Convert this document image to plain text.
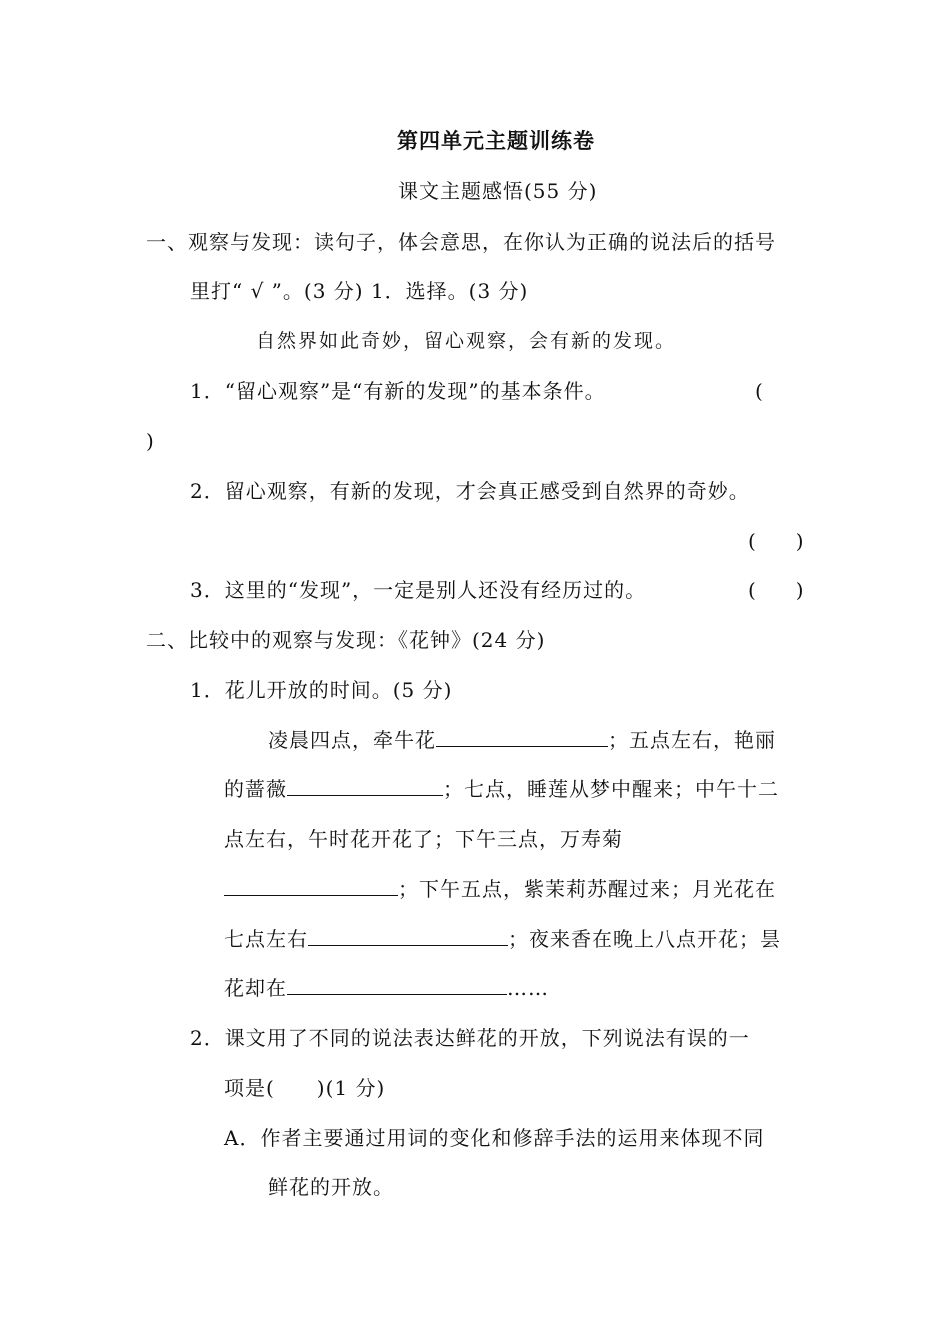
第四单元主题训练卷
课文主题感悟(55 分)
一、观察与发现：读句子，体会意思，在你认为正确的说法后的括号
里打“ √ ”。(3 分) 1．选择。(3 分)
自然界如此奇妙，留心观察，会有新的发现。
1．“留心观察”是“有新的发现”的基本条件。	(
)
2．留心观察，有新的发现，才会真正感受到自然界的奇妙。
(　　)
3．这里的“发现”，一定是别人还没有经历过的。	(　　)
二、比较中的观察与发现：《花钟》(24 分)
1．花儿开放的时间。(5 分)
凌晨四点，牵牛花	；五点左右，艳丽
的蔷薇	；七点，睡莲从梦中醒来；中午十二
点左右，午时花开花了；下午三点，万寿菊
；下午五点，紫茉莉苏醒过来；月光花在
七点左右	；夜来香在晚上八点开花；昙
花却在	……
2．课文用了不同的说法表达鲜花的开放，下列说法有误的一
项是(　　)(1 分)
A．作者主要通过用词的变化和修辞手法的运用来体现不同
鲜花的开放。
